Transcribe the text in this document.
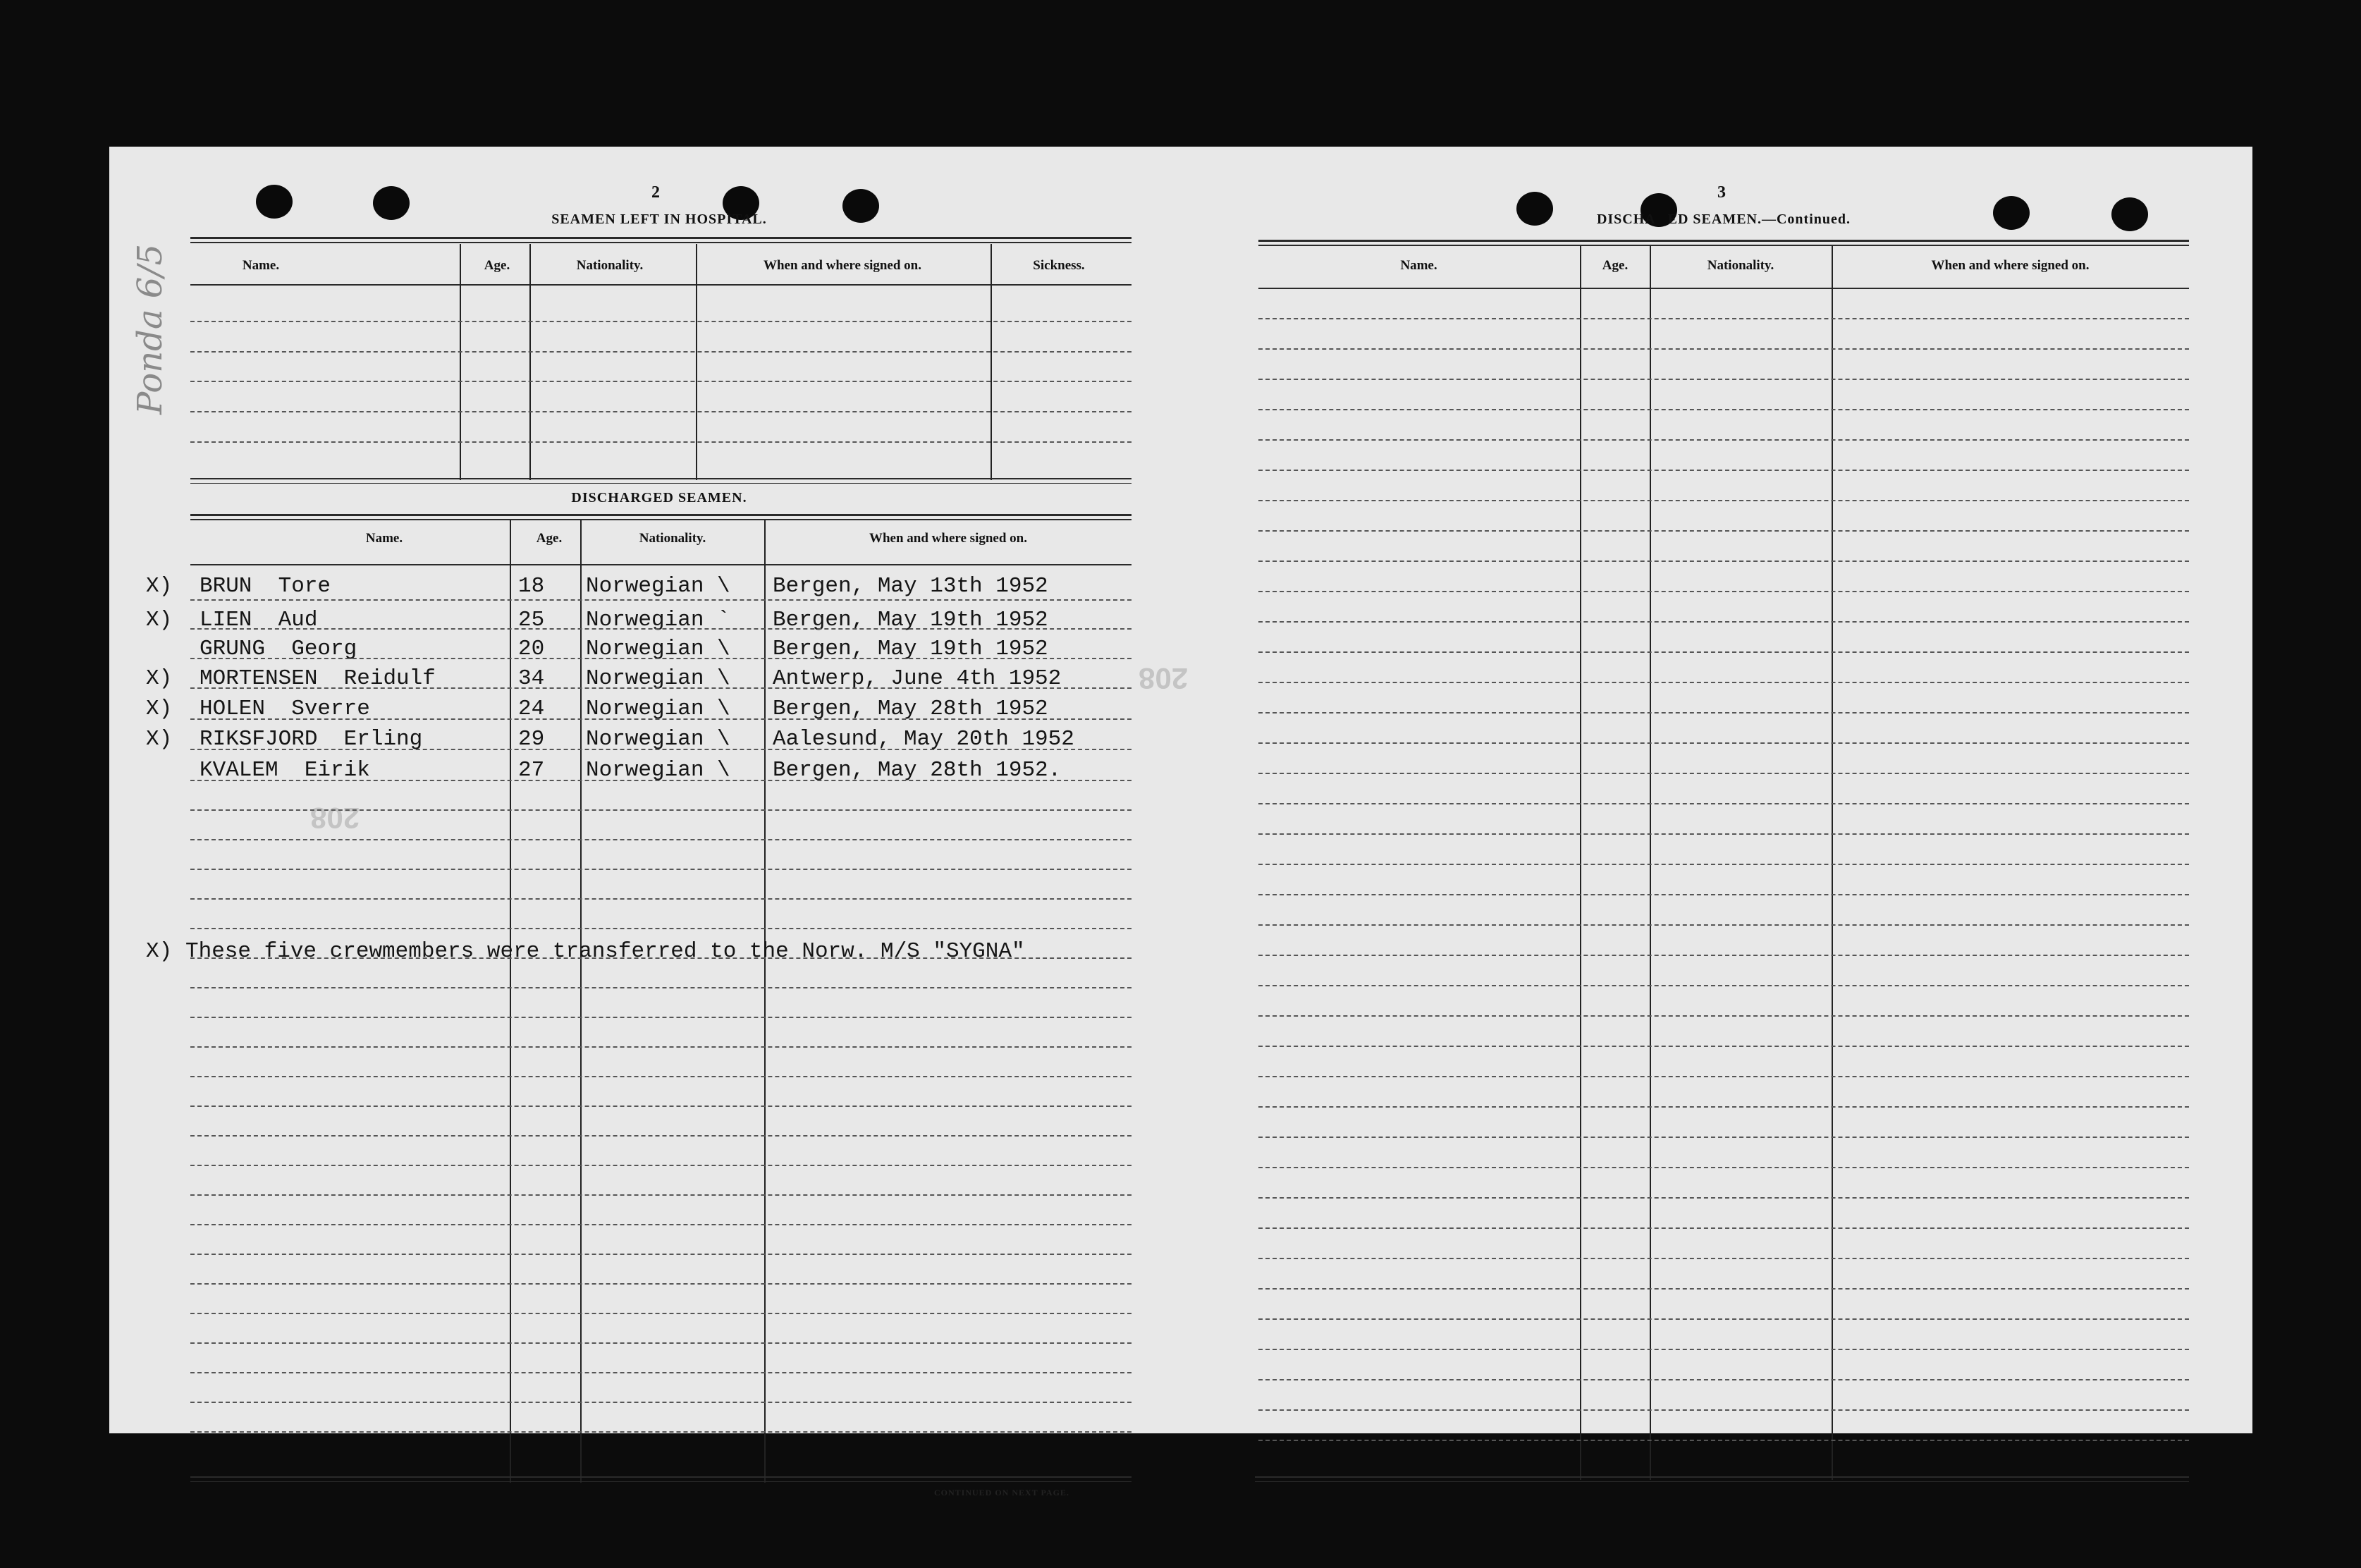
Ponda 6/5
208
208
2
SEAMEN LEFT IN HOSPITAL.
Name.	Age.	Nationality.	When and where signed on.	Sickness.
DISCHARGED SEAMEN.
Name.	Age.	Nationality.	When and where signed on.
X) BRUN  Tore	18 Norwegian \ Bergen, May 13th 1952
X) LIEN  Aud	25 Norwegian ` Bergen, May 19th 1952
GRUNG  Georg	20 Norwegian \ Bergen, May 19th 1952
X) MORTENSEN  Reidulf	34 Norwegian \ Antwerp, June 4th 1952
X) HOLEN  Sverre	24 Norwegian \ Bergen, May 28th 1952
X) RIKSFJORD  Erling	29 Norwegian \ Aalesund, May 20th 1952
KVALEM  Eirik	27 Norwegian \ Bergen, May 28th 1952.
X) These five crewmembers were transferred to the Norw. M/S "SYGNA"
CONTINUED ON NEXT PAGE.
3
DISCHA   ED SEAMEN.—Continued.
Name.	Age.	Nationality.	When and where signed on.
